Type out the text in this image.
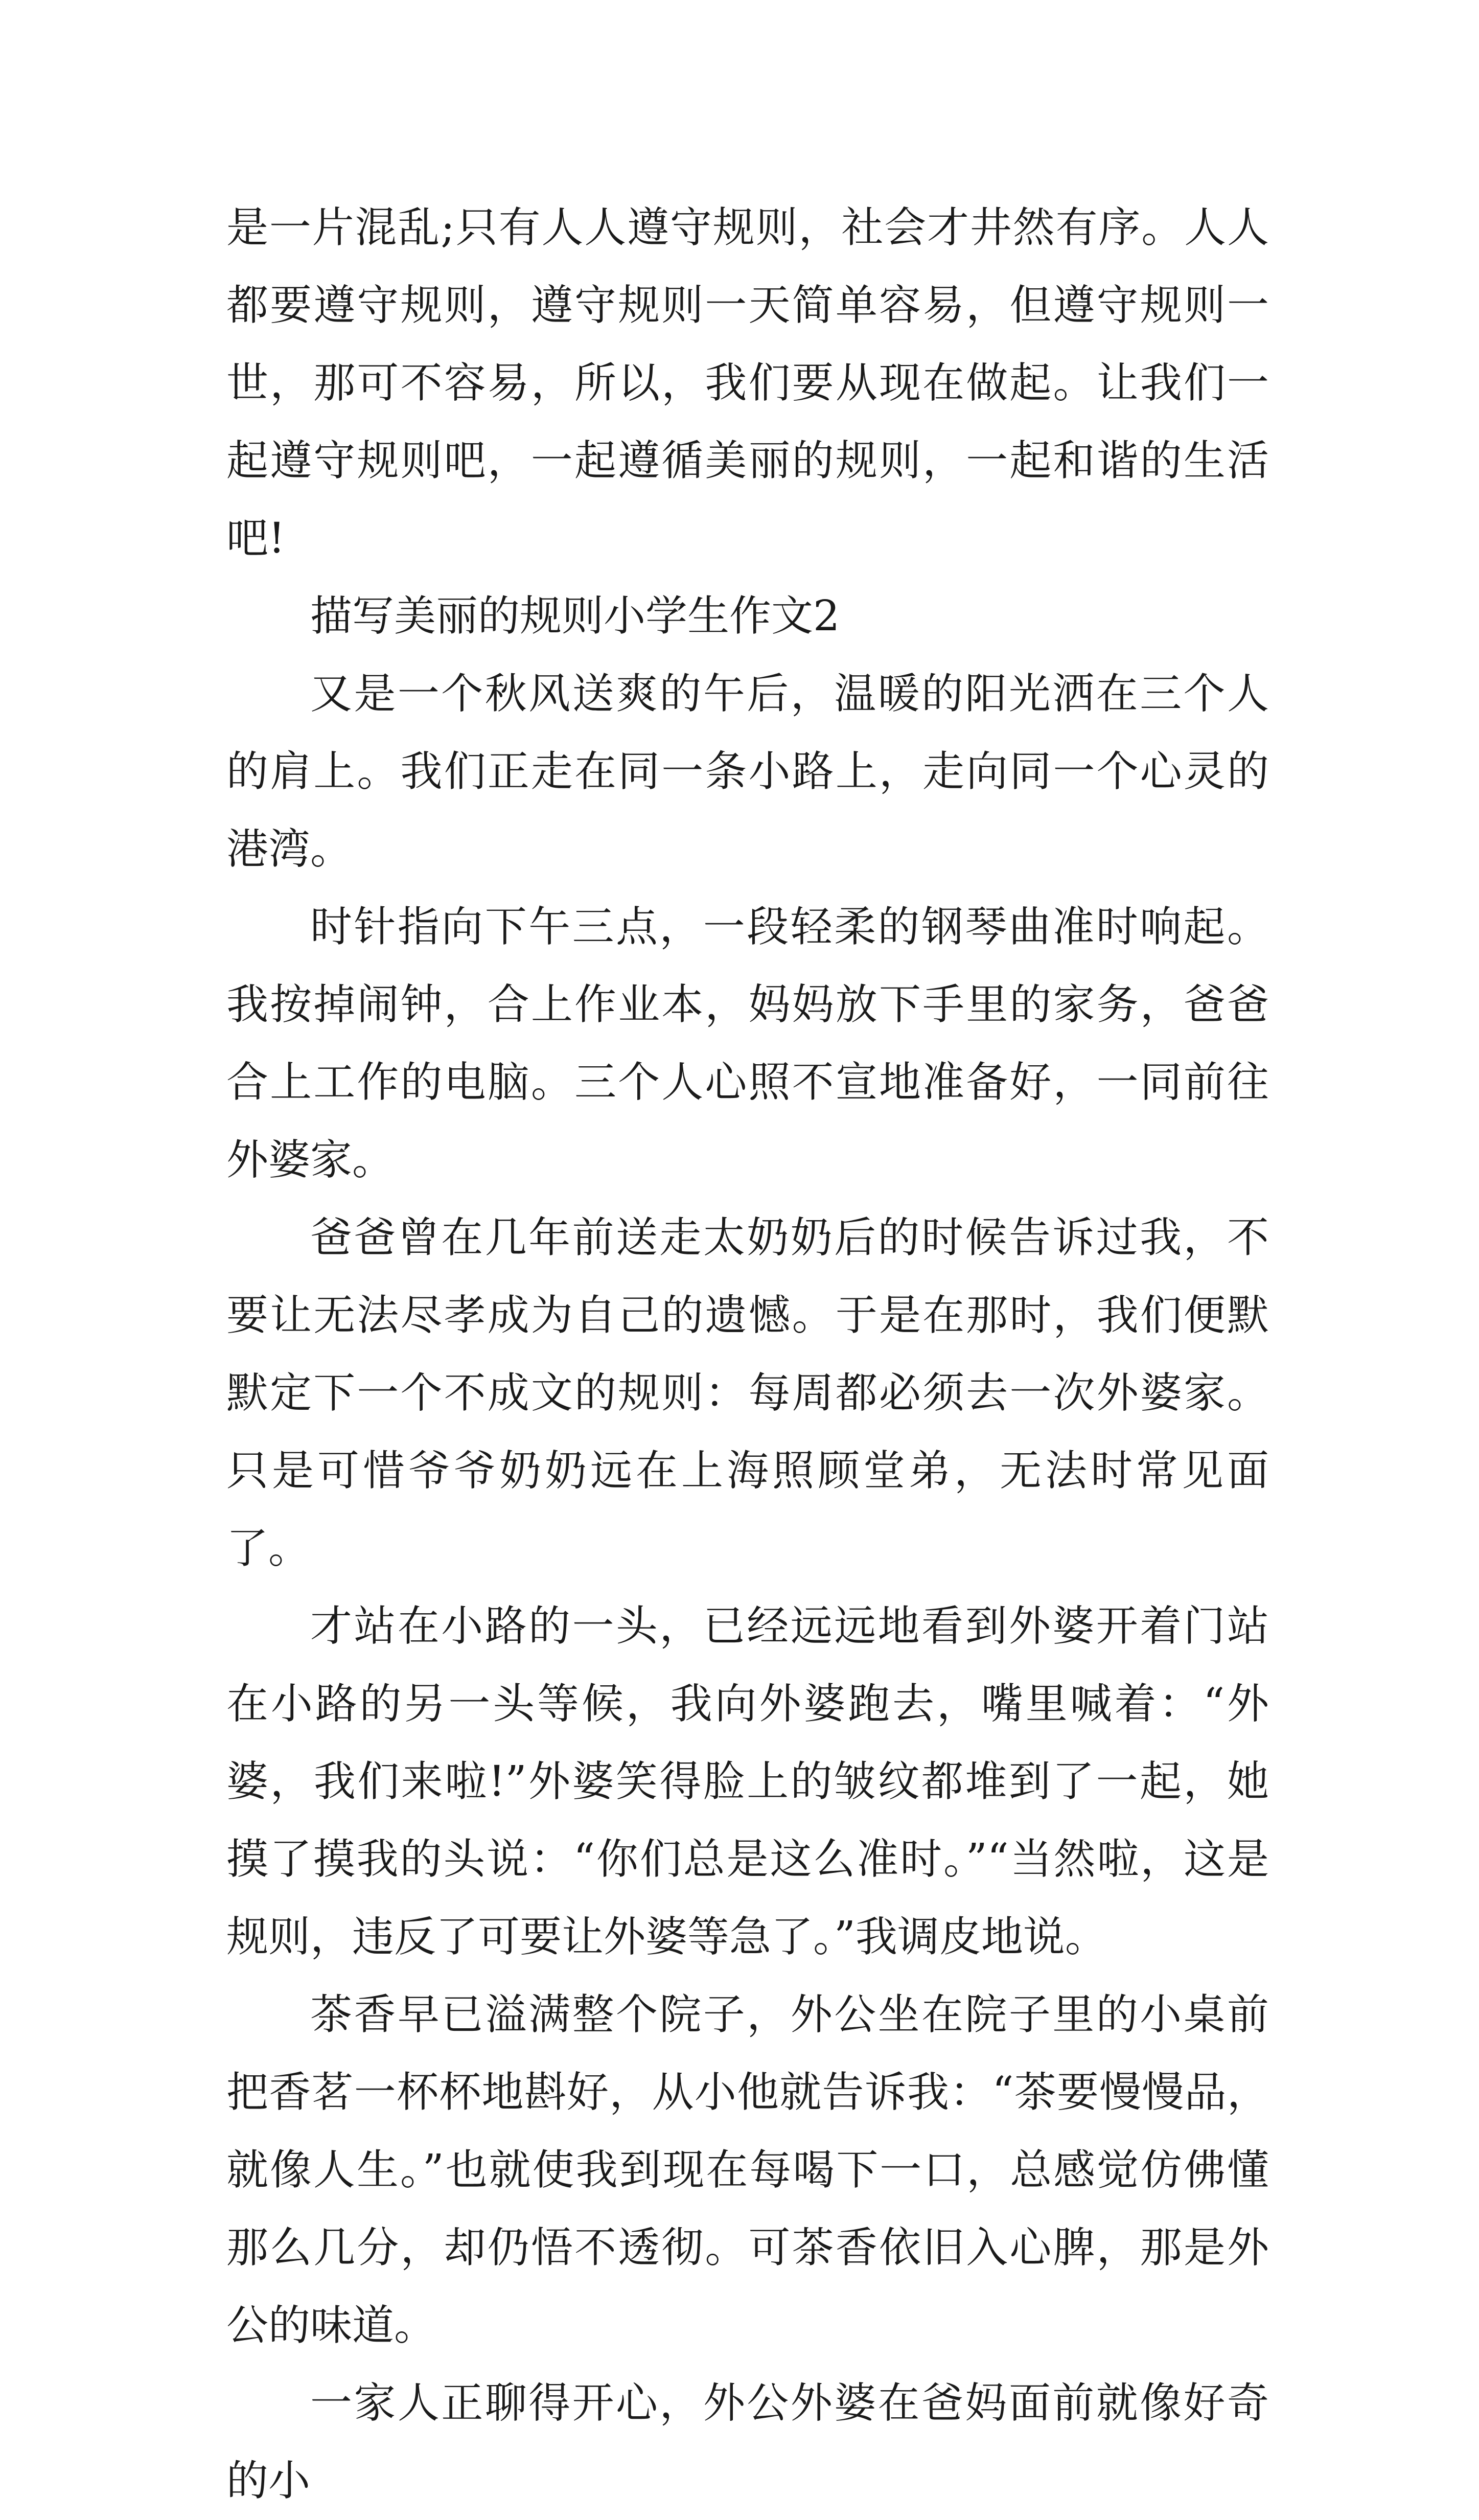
是一片混乱;只有人人遵守规则，社会才井然有序。人人都要遵守规则，遵守规则一天简单容易，但遵守规则一世，那可不容易，所以，我们要从现在做起。让我们一起遵守规则吧，一起遵循美丽的规则，一起和谐的生活吧!

描写美丽的规则小学生作文2

又是一个秋风送爽的午后，温暖的阳光洒在三个人的肩上。我们正走在同一条小路上，走向同一个心灵的港湾。

时针指向下午三点，一段轻柔的钢琴曲准时响起。我按掉闹钟，合上作业本，妈妈放下手里的家务，爸爸合上工作的电脑。三个人心照不宣地准备好，一同前往外婆家。

爸爸曾在几年前送走太奶奶后的时候告诉过我，不要让无法尽孝成为自己的遗憾。于是在那时，我们便默默定下一个不成文的规则：每周都必须去一次外婆家。只是可惜爷爷奶奶远在上海照顾堂弟，无法时常见面了。

才站在小路的一头，已经远远地看到外婆开着门站在小路的另一头等候，我向外婆跑去，嘴里喊着：“外婆，我们来啦!”外婆笑得脸上的皱纹都堆到了一起，她摸了摸我的头说：“你们总是这么准时。”“当然啦，这是规则，违反了可要让外婆等急了。”我调皮地说。

茶香早已溢满整个院子，外公坐在院子里的小桌前把香茗一杯杯地斟好，从小他就告诉我：“茶要慢慢品，就像人生。”也就使我到现在每喝下一口，总感觉仿佛懂那么几分，却仍悟不透彻。可茶香依旧入心脾，那是外公的味道。

一家人正聊得开心，外公外婆在爸妈面前就像好奇的小
